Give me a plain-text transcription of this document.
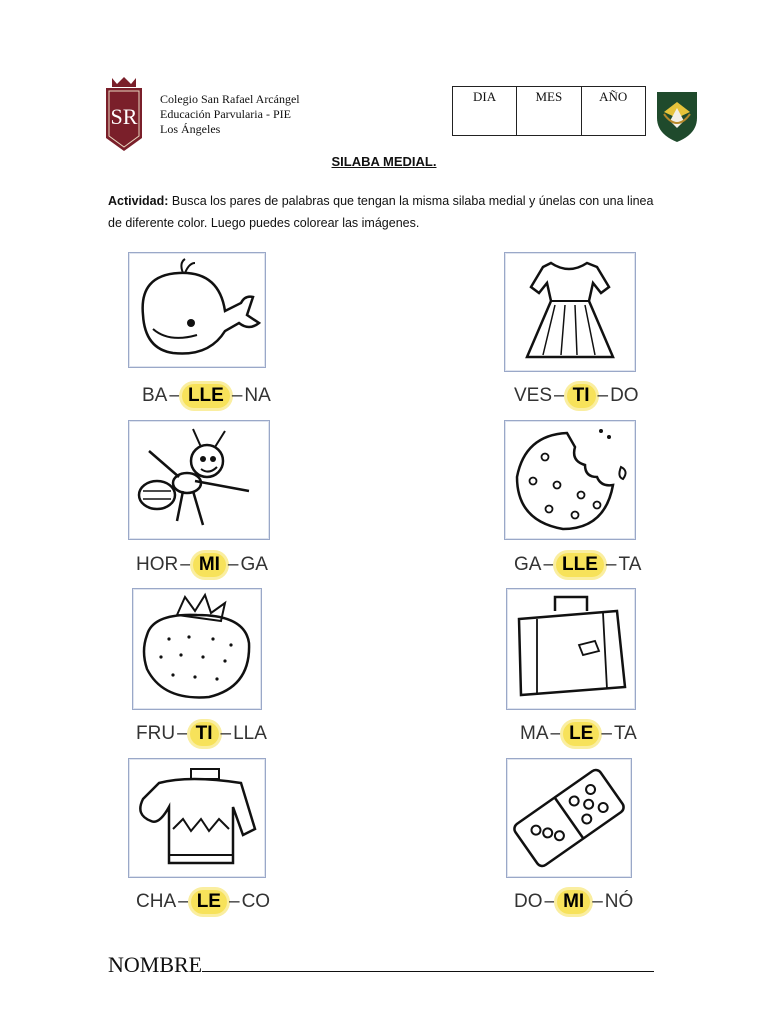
SR
Colegio San Rafael Arcángel
Educación Parvularia - PIE
Los Ángeles
DIA	MES	AÑO
SILABA MEDIAL.
Actividad: Busca los pares de palabras que tengan la misma silaba medial y únelas con una linea de diferente color. Luego puedes colorear las imágenes.
BA – LLE – NA
HOR – MI – GA
FRU – TI – LLA
CHA – LE – CO
VES – TI – DO
GA – LLE – TA
MA – LE – TA
DO – MI – NÓ
NOMBRE
